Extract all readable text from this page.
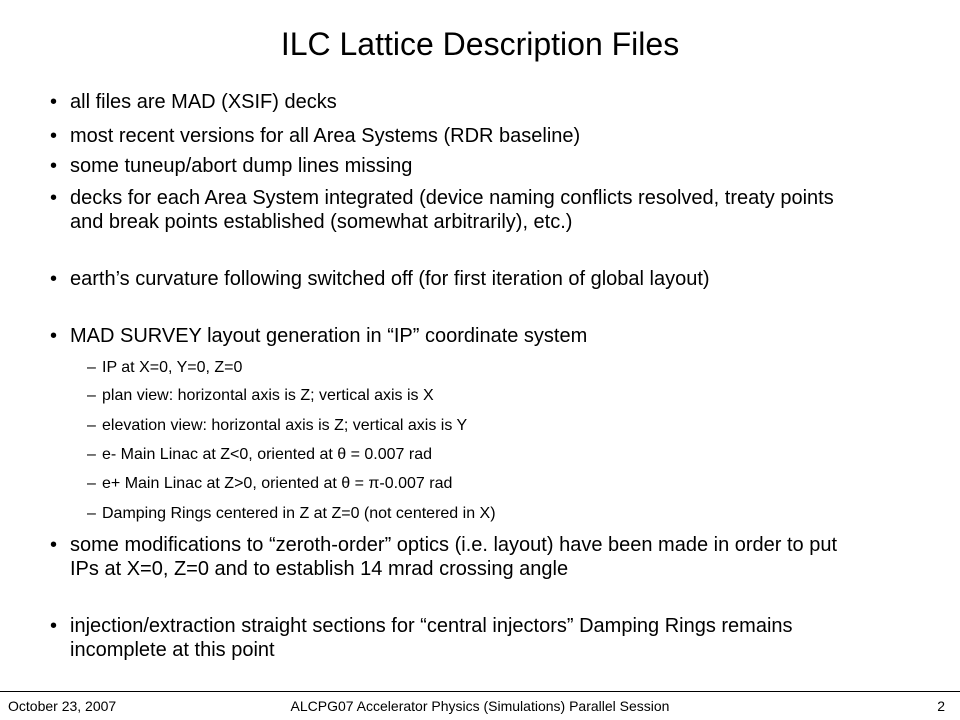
ILC Lattice Description Files
• all files are MAD (XSIF) decks
• most recent versions for all Area Systems (RDR baseline)
• some tuneup/abort dump lines missing
• decks for each Area System integrated (device naming conflicts resolved, treaty points and break points established (somewhat arbitrarily), etc.)
• earth’s curvature following switched off (for first iteration of global layout)
• MAD SURVEY layout generation in “IP” coordinate system
– IP at X=0, Y=0, Z=0
– plan view: horizontal axis is Z; vertical axis is X
– elevation view: horizontal axis is Z; vertical axis is Y
– e- Main Linac at Z<0, oriented at θ = 0.007 rad
– e+ Main Linac at Z>0, oriented at θ = π-0.007 rad
– Damping Rings centered in Z at Z=0 (not centered in X)
• some modifications to “zeroth-order” optics (i.e. layout) have been made in order to put IPs at X=0, Z=0 and to establish 14 mrad crossing angle
• injection/extraction straight sections for “central injectors” Damping Rings remains incomplete at this point
October 23, 2007	ALCPG07 Accelerator Physics (Simulations) Parallel Session	2
